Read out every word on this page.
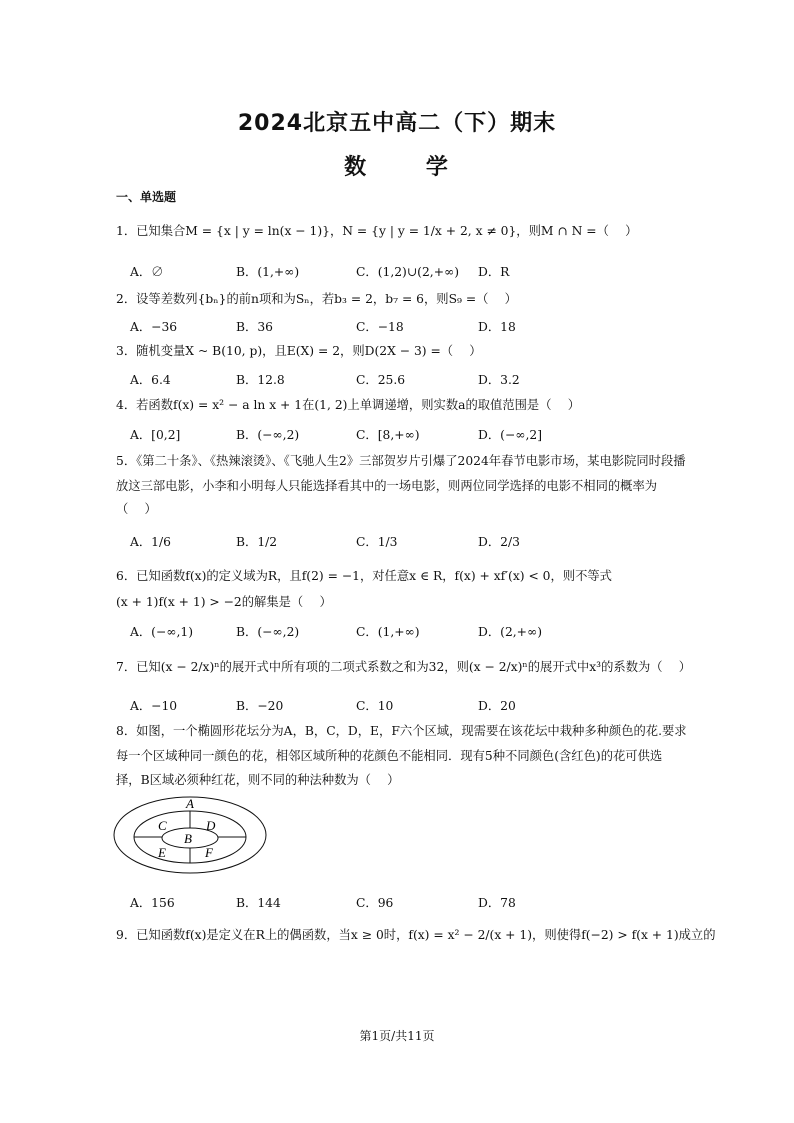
2024北京五中高二（下）期末
数 学
一、单选题
1．已知集合M = {x | y = ln(x − 1)}，N = {y | y = 1/x + 2, x ≠ 0}，则M ∩ N =（　 ）
A．∅	B．(1,+∞)	C．(1,2)∪(2,+∞) D．R
2．设等差数列{bₙ}的前n项和为Sₙ，若b₃ = 2，b₇ = 6，则S₉ =（　 ）
A．−36	B．36	C．−18	D．18
3．随机变量X ~ B(10, p)，且E(X) = 2，则D(2X − 3) =（　 ）
A．6.4	B．12.8	C．25.6	D．3.2
4．若函数f(x) = x² − a ln x + 1在(1, 2)上单调递增，则实数a的取值范围是（　 ）
A．[0,2]	B．(−∞,2)	C．[8,+∞)	D．(−∞,2]
5．《第二十条》、《热辣滚烫》、《飞驰人生2》三部贺岁片引爆了2024年春节电影市场，某电影院同时段播
放这三部电影，小李和小明每人只能选择看其中的一场电影，则两位同学选择的电影不相同的概率为
（　 ）
A．1/6	B．1/2	C．1/3	D．2/3
6．已知函数f(x)的定义域为R，且f(2) = −1，对任意x ∈ R，f(x) + xf′(x) < 0，则不等式
(x + 1)f(x + 1) > −2的解集是（　 ）
A．(−∞,1)	B．(−∞,2)	C．(1,+∞)	D．(2,+∞)
7．已知(x − 2/x)ⁿ的展开式中所有项的二项式系数之和为32，则(x − 2/x)ⁿ的展开式中x³的系数为（　 ）
A．−10	B．−20	C．10	D．20
8．如图，一个椭圆形花坛分为A，B，C，D，E，F六个区域，现需要在该花坛中栽种多种颜色的花.要求
每一个区域种同一颜色的花，相邻区域所种的花颜色不能相同．现有5种不同颜色(含红色)的花可供选
择，B区域必须种红花，则不同的种法种数为（　 ）
A
B
C	D
E	F
A．156	B．144	C．96	D．78
9．已知函数f(x)是定义在R上的偶函数，当x ≥ 0时，f(x) = x² − 2/(x + 1)，则使得f(−2) > f(x + 1)成立的
第1页/共11页
